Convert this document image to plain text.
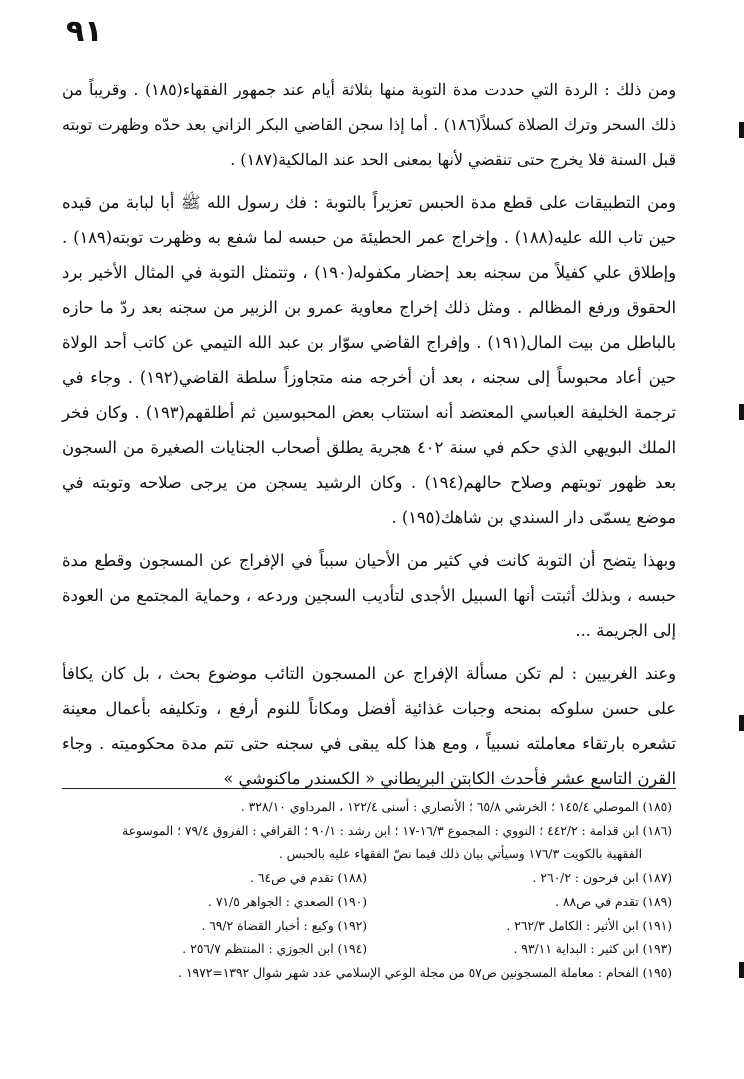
٩١

ومن ذلك : الردة التي حددت مدة التوبة منها بثلاثة أيام عند جمهور الفقهاء(١٨٥) . وقريباً من ذلك السحر وترك الصلاة كسلاً(١٨٦) . أما إذا سجن القاضي البكر الزاني بعد حدّه وظهرت توبته قبل السنة فلا يخرج حتى تنقضي لأنها بمعنى الحد عند المالكية(١٨٧) .

ومن التطبيقات على قطع مدة الحبس تعزيراً بالتوبة : فك رسول الله ﷺ أبا لبابة من قيده حين تاب الله عليه(١٨٨) . وإخراج عمر الحطيئة من حبسه لما شفع به وظهرت توبته(١٨٩) . وإطلاق علي كفيلاً من سجنه بعد إحضار مكفوله(١٩٠) ، وتتمثل التوبة في المثال الأخير برد الحقوق ورفع المظالم . ومثل ذلك إخراج معاوية عمرو بن الزبير من سجنه بعد ردّ ما حازه بالباطل من بيت المال(١٩١) . وإفراج القاضي سوّار بن عبد الله التيمي عن كاتب أحد الولاة حين أعاد محبوساً إلى سجنه ، بعد أن أخرجه منه متجاوزاً سلطة القاضي(١٩٢) . وجاء في ترجمة الخليفة العباسي المعتضد أنه استتاب بعض المحبوسين ثم أطلقهم(١٩٣) . وكان فخر الملك البويهي الذي حكم في سنة ٤٠٢ هجرية يطلق أصحاب الجنايات الصغيرة من السجون بعد ظهور توبتهم وصلاح حالهم(١٩٤) . وكان الرشيد يسجن من يرجى صلاحه وتوبته في موضع يسمّى دار السندي بن شاهك(١٩٥) .

وبهذا يتضح أن التوبة كانت في كثير من الأحيان سبباً في الإفراج عن المسجون وقطع مدة حبسه ، وبذلك أثبتت أنها السبيل الأجدى لتأديب السجين وردعه ، وحماية المجتمع من العودة إلى الجريمة ...

وعند الغربيين : لم تكن مسألة الإفراج عن المسجون التائب موضوع بحث ، بل كان يكافأ على حسن سلوكه بمنحه وجبات غذائية أفضل ومكاناً للنوم أرفع ، وتكليفه بأعمال معينة تشعره بارتقاء معاملته نسبياً ، ومع هذا كله يبقى في سجنه حتى تتم مدة محكوميته . وجاء القرن التاسع عشر فأحدث الكابتن البريطاني « الكسندر ماكنوشي »

(١٨٥) الموصلي ١٤٥/٤ ؛ الخرشي ٦٥/٨ ؛ الأنصاري : أسنى ١٢٢/٤ ، المرداوي ٣٢٨/١٠ .
(١٨٦) ابن قدامة : ٤٤٢/٢ ؛ النووي : المجموع ١٦/٣-١٧ ؛ ابن رشد : ٩٠/١ ؛ القرافي : الفروق ٧٩/٤ ؛ الموسوعة
الفقهية بالكويت ١٧٦/٣ وسيأتي بيان ذلك فيما نصّ الفقهاء عليه بالحبس .
(١٨٧) ابن فرحون : ٢٦٠/٢ .
(١٨٨) تقدم في ص٦٤ .
(١٨٩) تقدم في ص٨٨ .
(١٩٠) الصعدي : الجواهر ٧١/٥ .
(١٩١) ابن الأثير : الكامل ٢٦٢/٣ .
(١٩٢) وكيع : أخبار القضاة ٦٩/٢ .
(١٩٣) ابن كثير : البداية ٩٣/١١ .
(١٩٤) ابن الجوزي : المنتظم ٢٥٦/٧ .
(١٩٥) الفحام : معاملة المسجونين ص٥٧ من مجلة الوعي الإسلامي عدد شهر شوال ١٣٩٢=١٩٧٢ .
